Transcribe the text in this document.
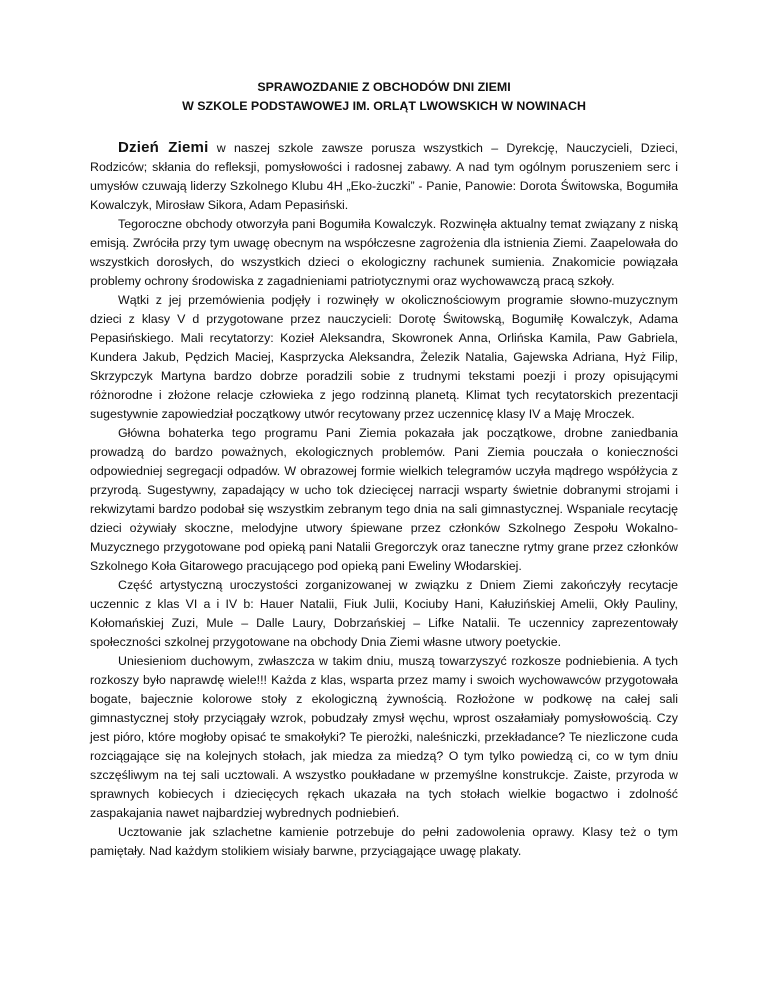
SPRAWOZDANIE Z OBCHODÓW DNI ZIEMI
W SZKOLE PODSTAWOWEJ IM. ORLĄT LWOWSKICH W NOWINACH

Dzień Ziemi w naszej szkole zawsze porusza wszystkich – Dyrekcję, Nauczycieli, Dzieci, Rodziców; skłania do refleksji, pomysłowości i radosnej zabawy. A nad tym ogólnym poruszeniem serc i umysłów czuwają liderzy Szkolnego Klubu 4H „Eko-żuczki” - Panie, Panowie: Dorota Świtowska, Bogumiła Kowalczyk, Mirosław Sikora, Adam Pepasiński.

Tegoroczne obchody otworzyła pani Bogumiła Kowalczyk. Rozwinęła aktualny temat związany z niską emisją. Zwróciła przy tym uwagę obecnym na współczesne zagrożenia dla istnienia Ziemi. Zaapelowała do wszystkich dorosłych, do wszystkich dzieci o ekologiczny rachunek sumienia. Znakomicie powiązała problemy ochrony środowiska z zagadnieniami patriotycznymi oraz wychowawczą pracą szkoły.

Wątki z jej przemówienia podjęły i rozwinęły w okolicznościowym programie słowno-muzycznym dzieci z klasy V d przygotowane przez nauczycieli: Dorotę Świtowską, Bogumiłę Kowalczyk, Adama Pepasińskiego. Mali recytatorzy: Kozieł Aleksandra, Skowronek Anna, Orlińska Kamila, Paw Gabriela, Kundera Jakub, Pędzich Maciej, Kasprzycka Aleksandra, Żelezik Natalia, Gajewska Adriana, Hyż Filip, Skrzypczyk Martyna bardzo dobrze poradzili sobie z trudnymi tekstami poezji i prozy opisującymi różnorodne i złożone relacje człowieka z jego rodzinną planetą. Klimat tych recytatorskich prezentacji sugestywnie zapowiedział początkowy utwór recytowany przez uczennicę klasy IV a Maję Mroczek.

Główna bohaterka tego programu Pani Ziemia pokazała jak początkowe, drobne zaniedbania prowadzą do bardzo poważnych, ekologicznych problemów. Pani Ziemia pouczała o konieczności odpowiedniej segregacji odpadów. W obrazowej formie wielkich telegramów uczyła mądrego współżycia z przyrodą. Sugestywny, zapadający w ucho tok dziecięcej narracji wsparty świetnie dobranymi strojami i rekwizytami bardzo podobał się wszystkim zebranym tego dnia na sali gimnastycznej. Wspaniale recytację dzieci ożywiały skoczne, melodyjne utwory śpiewane przez członków Szkolnego Zespołu Wokalno-Muzycznego przygotowane pod opieką pani Natalii Gregorczyk oraz taneczne rytmy grane przez członków Szkolnego Koła Gitarowego pracującego pod opieką pani Eweliny Włodarskiej.

Część artystyczną uroczystości zorganizowanej w związku z Dniem Ziemi zakończyły recytacje uczennic z klas VI a i IV b: Hauer Natalii, Fiuk Julii, Kociuby Hani, Kałuzińskiej Amelii, Okły Pauliny, Kołomańskiej Zuzi, Mule – Dalle Laury, Dobrzańskiej – Lifke Natalii. Te uczennicy zaprezentowały społeczności szkolnej przygotowane na obchody Dnia Ziemi własne utwory poetyckie.

Uniesieniom duchowym, zwłaszcza w takim dniu, muszą towarzyszyć rozkosze podniebienia. A tych rozkoszy było naprawdę wiele!!! Każda z klas, wsparta przez mamy i swoich wychowawców przygotowała bogate, bajecznie kolorowe stoły z ekologiczną żywnością. Rozłożone w podkowę na całej sali gimnastycznej stoły przyciągały wzrok, pobudzały zmysł węchu, wprost oszałamiały pomysłowością. Czy jest pióro, które mogłoby opisać te smakołyki? Te pierożki, naleśniczki, przekładance? Te niezliczone cuda rozciągające się na kolejnych stołach, jak miedza za miedzą? O tym tylko powiedzą ci, co w tym dniu szczęśliwym na tej sali ucztowali. A wszystko poukładane w przemyślne konstrukcje. Zaiste, przyroda w sprawnych kobiecych i dziecięcych rękach ukazała na tych stołach wielkie bogactwo i zdolność zaspakajania nawet najbardziej wybrednych podniebień.

Ucztowanie jak szlachetne kamienie potrzebuje do pełni zadowolenia oprawy. Klasy też o tym pamiętały. Nad każdym stolikiem wisiały barwne, przyciągające uwagę plakaty.
